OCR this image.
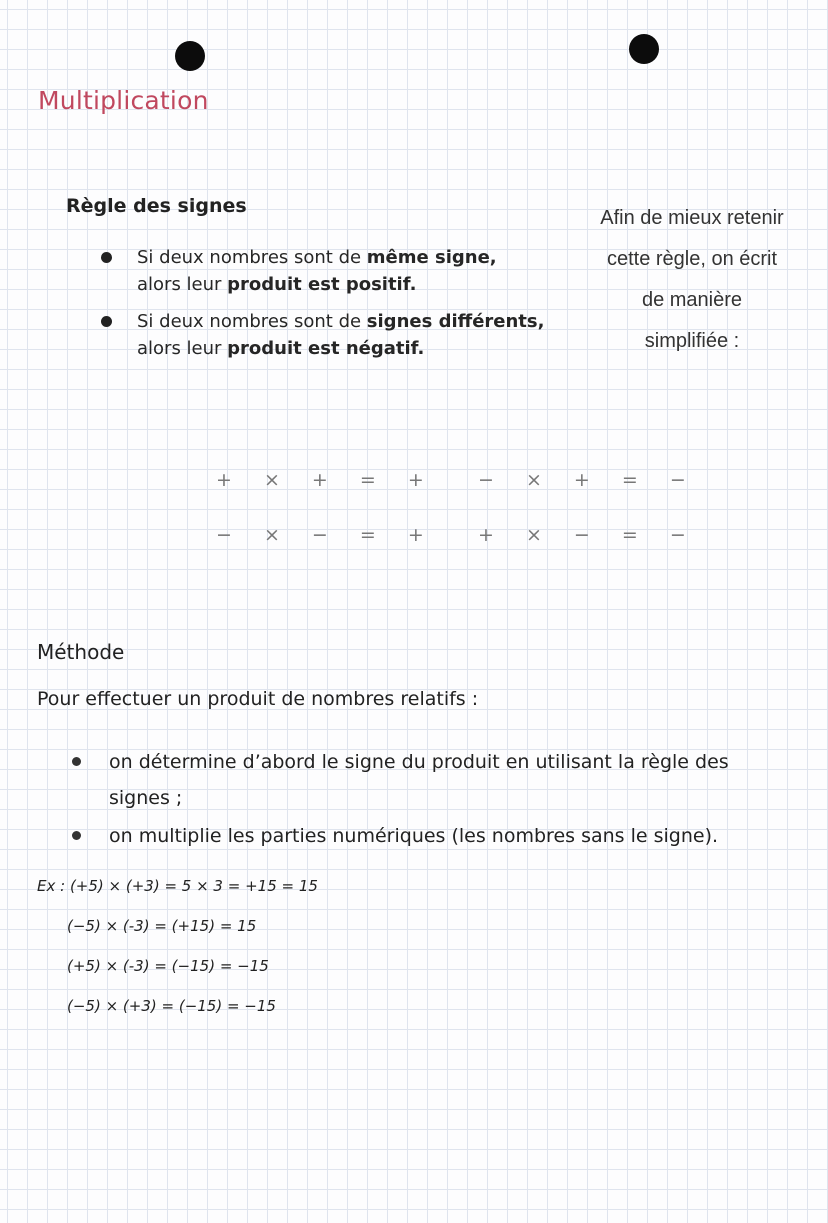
Multiplication
Règle des signes
Si deux nombres sont de même signe,
alors leur produit est positif.
Si deux nombres sont de signes différents,
alors leur produit est négatif.
Afin de mieux retenir
cette règle, on écrit
de manière
simplifiée :
+ × + = +
− × − = +
− × + = −
+ × − = −
Méthode
Pour effectuer un produit de nombres relatifs :
on détermine d’abord le signe du produit en utilisant la règle des signes ;
on multiplie les parties numériques (les nombres sans le signe).
Ex : (+5) × (+3) = 5 × 3 = +15 = 15
(−5) × (-3) = (+15) = 15
(+5) × (-3) = (−15) = −15
(−5) × (+3) = (−15) = −15
